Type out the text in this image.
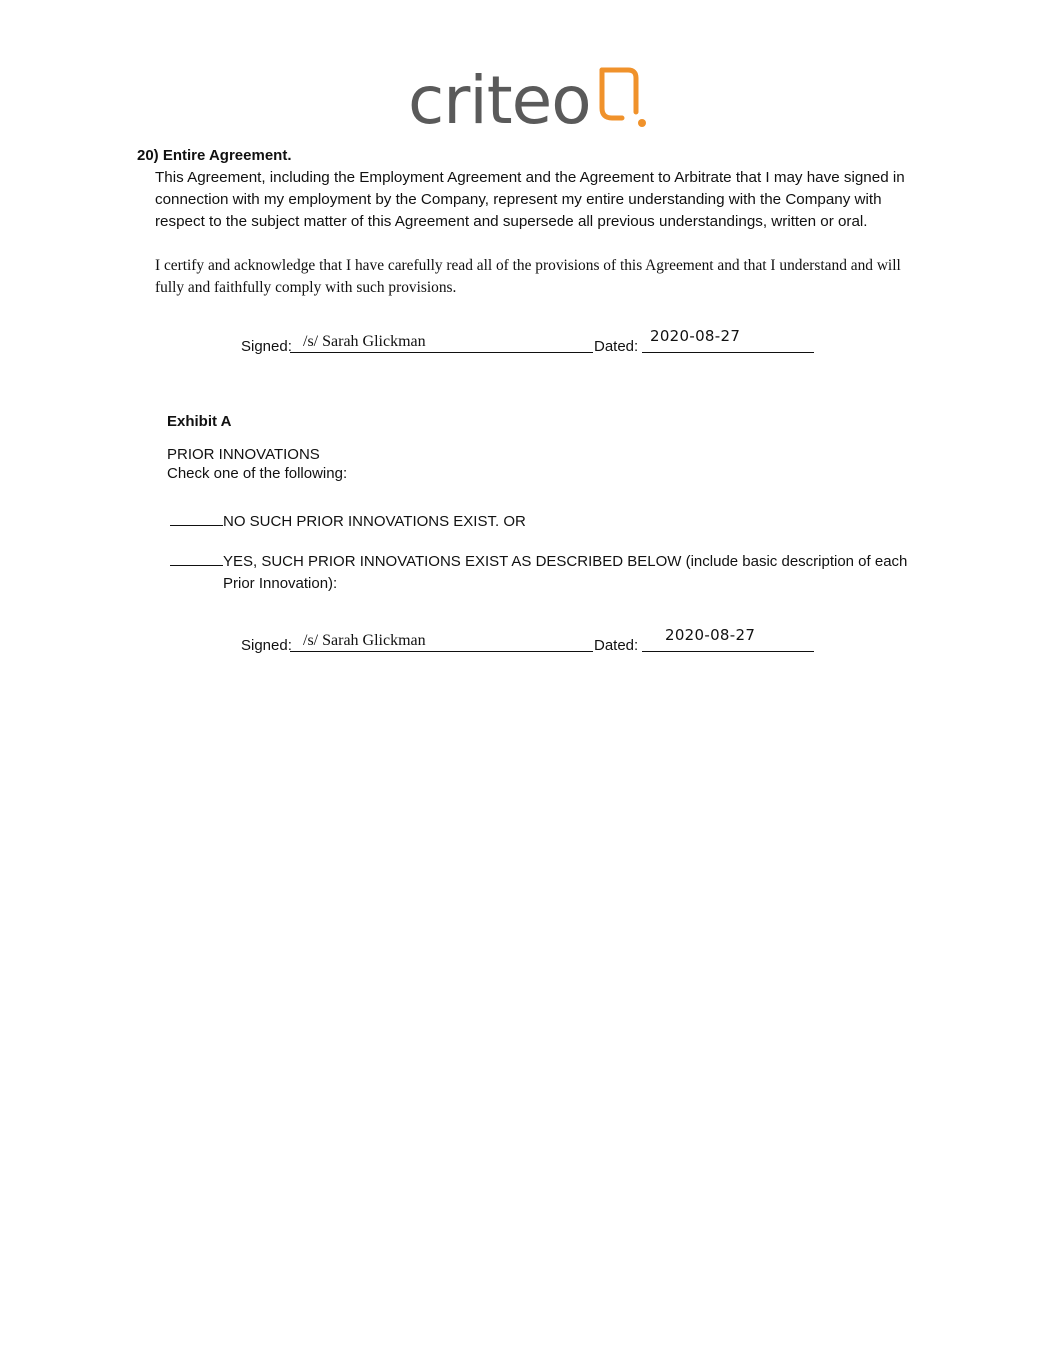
criteo
20) Entire Agreement.
This Agreement, including the Employment Agreement and the Agreement to Arbitrate that I may have signed in connection with my employment by the Company, represent my entire understanding with the Company with respect to the subject matter of this Agreement and supersede all previous understandings, written or oral.
I certify and acknowledge that I have carefully read all of the provisions of this Agreement and that I understand and will fully and faithfully comply with such provisions.
Signed: /s/ Sarah Glickman	Dated:
2020-08-27
Exhibit A
PRIOR INNOVATIONS
Check one of the following:
NO SUCH PRIOR INNOVATIONS EXIST. OR
YES, SUCH PRIOR INNOVATIONS EXIST AS DESCRIBED BELOW (include basic description of each
Prior Innovation):
Signed: /s/ Sarah Glickman	Dated:
2020-08-27
